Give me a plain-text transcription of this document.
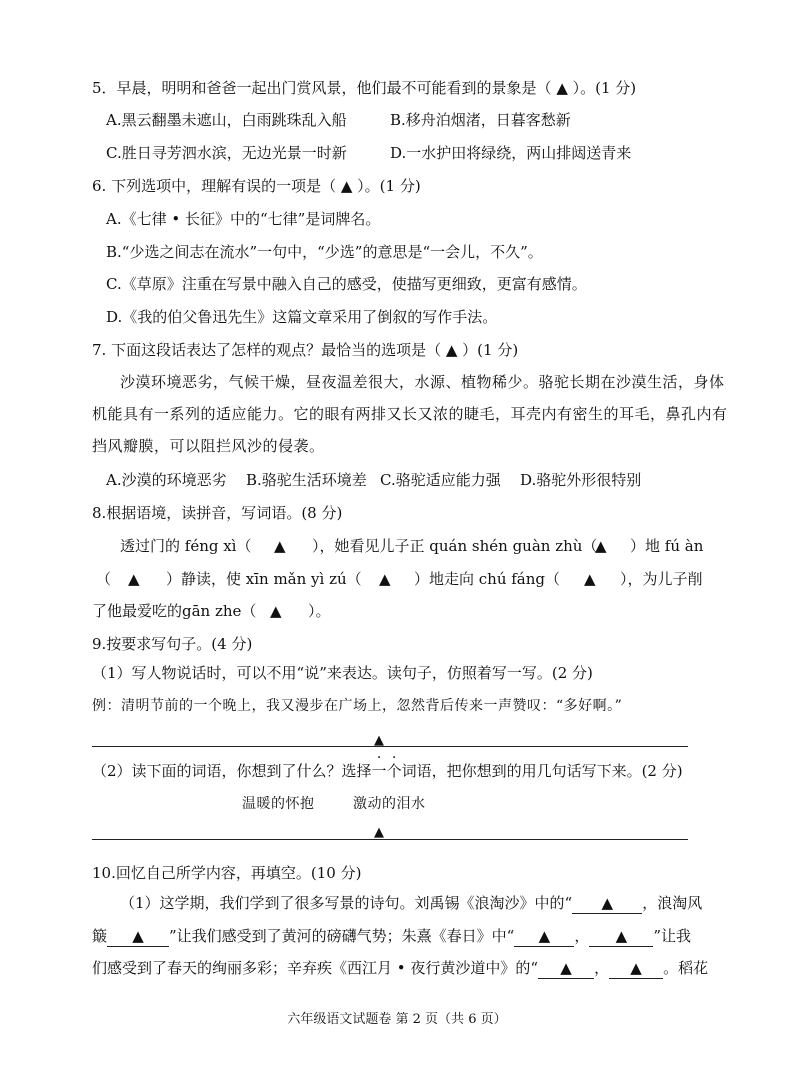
5．早晨，明明和爸爸一起出门赏风景，他们最不可能看到的景象是（ ▲ ）。(1 分)
A.黑云翻墨未遮山，白雨跳珠乱入船	B.移舟泊烟渚，日暮客愁新
C.胜日寻芳泗水滨，无边光景一时新	D.一水护田将绿绕，两山排闼送青来
6. 下列选项中，理解有误的一项是（ ▲ ）。(1 分)
A.《七律 • 长征》中的“七律”是词牌名。
B.“少选之间志在流水”一句中，“少选”的意思是“一会儿，不久”。
C.《草原》注重在写景中融入自己的感受，使描写更细致，更富有感情。
D.《我的伯父鲁迅先生》这篇文章采用了倒叙的写作手法。
7. 下面这段话表达了怎样的观点？最恰当的选项是（ ▲ ）(1 分)
沙漠环境恶劣，气候干燥，昼夜温差很大，水源、植物稀少。骆驼长期在沙漠生活，身体
机能具有一系列的适应能力。它的眼有两排又长又浓的睫毛，耳壳内有密生的耳毛，鼻孔内有
挡风瓣膜，可以阻拦风沙的侵袭。
A.沙漠的环境恶劣 B.骆驼生活环境差 C.骆驼适应能力强 D.骆驼外形很特别
8.根据语境，读拼音，写词语。(8 分)
透过门的 féng xì（ ▲ ），她看见儿子正 quán shén guàn zhù（
▲ ）地 fú àn
（ ▲ ）静读，使 xīn mǎn yì zú（ ▲ ）地走向 chú fáng（ ▲ ），为儿子削
了他最爱吃的gān zhe（ ▲ ）。
9.按要求写句子。(4 分)
（1）写人物说话时，可以不用“说”来表达。读句子，仿照着写一写。(2 分)
例：清明节前的一个晚上，我又漫步在广场上，忽然背后传来一声赞叹：“多好啊。”
▲
（2）读下面的词语，你想到了什么？选择一个词语，把你想到的用几句话写下来。(2 分)
温暖的怀抱	激动的泪水
▲
10.回忆自己所学内容，再填空。(10 分)
（1）这学期，我们学到了很多写景的诗句。刘禹锡《浪淘沙》中的“ ▲ ，浪淘风
簸 ▲ ”让我们感受到了黄河的磅礴气势；朱熹《春日》中“ ▲ ， ▲ ”让我
们感受到了春天的绚丽多彩；辛弃疾《西江月 • 夜行黄沙道中》的“ ▲ ， ▲ 。稻花
六年级语文试题卷 第 2 页（共 6 页）
